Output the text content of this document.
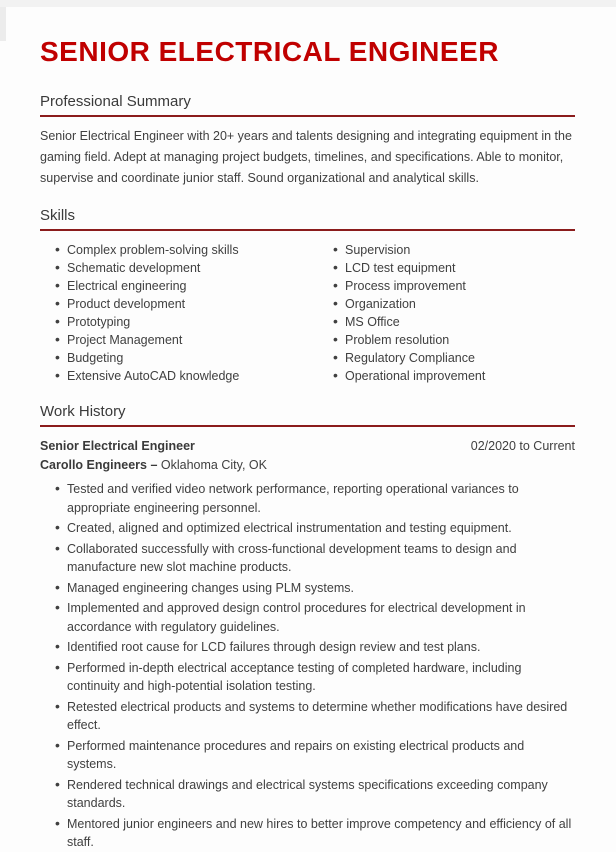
SENIOR ELECTRICAL ENGINEER
Professional Summary

Senior Electrical Engineer with 20+ years and talents designing and integrating equipment in the gaming field. Adept at managing project budgets, timelines, and specifications. Able to monitor, supervise and coordinate junior staff. Sound organizational and analytical skills.

Skills
• Complex problem-solving skills
• Schematic development
• Electrical engineering
• Product development
• Prototyping
• Project Management
• Budgeting
• Extensive AutoCAD knowledge
• Supervision
• LCD test equipment
• Process improvement
• Organization
• MS Office
• Problem resolution
• Regulatory Compliance
• Operational improvement
Work History
Senior Electrical Engineer	02/2020 to Current
Carollo Engineers – Oklahoma City, OK
• Tested and verified video network performance, reporting operational variances to appropriate engineering personnel.
• Created, aligned and optimized electrical instrumentation and testing equipment.
• Collaborated successfully with cross-functional development teams to design and manufacture new slot machine products.
• Managed engineering changes using PLM systems.
• Implemented and approved design control procedures for electrical development in accordance with regulatory guidelines.
• Identified root cause for LCD failures through design review and test plans.
• Performed in-depth electrical acceptance testing of completed hardware, including continuity and high-potential isolation testing.
• Retested electrical products and systems to determine whether modifications have desired effect.
• Performed maintenance procedures and repairs on existing electrical products and systems.
• Rendered technical drawings and electrical systems specifications exceeding company standards.
• Mentored junior engineers and new hires to better improve competency and efficiency of all staff.
